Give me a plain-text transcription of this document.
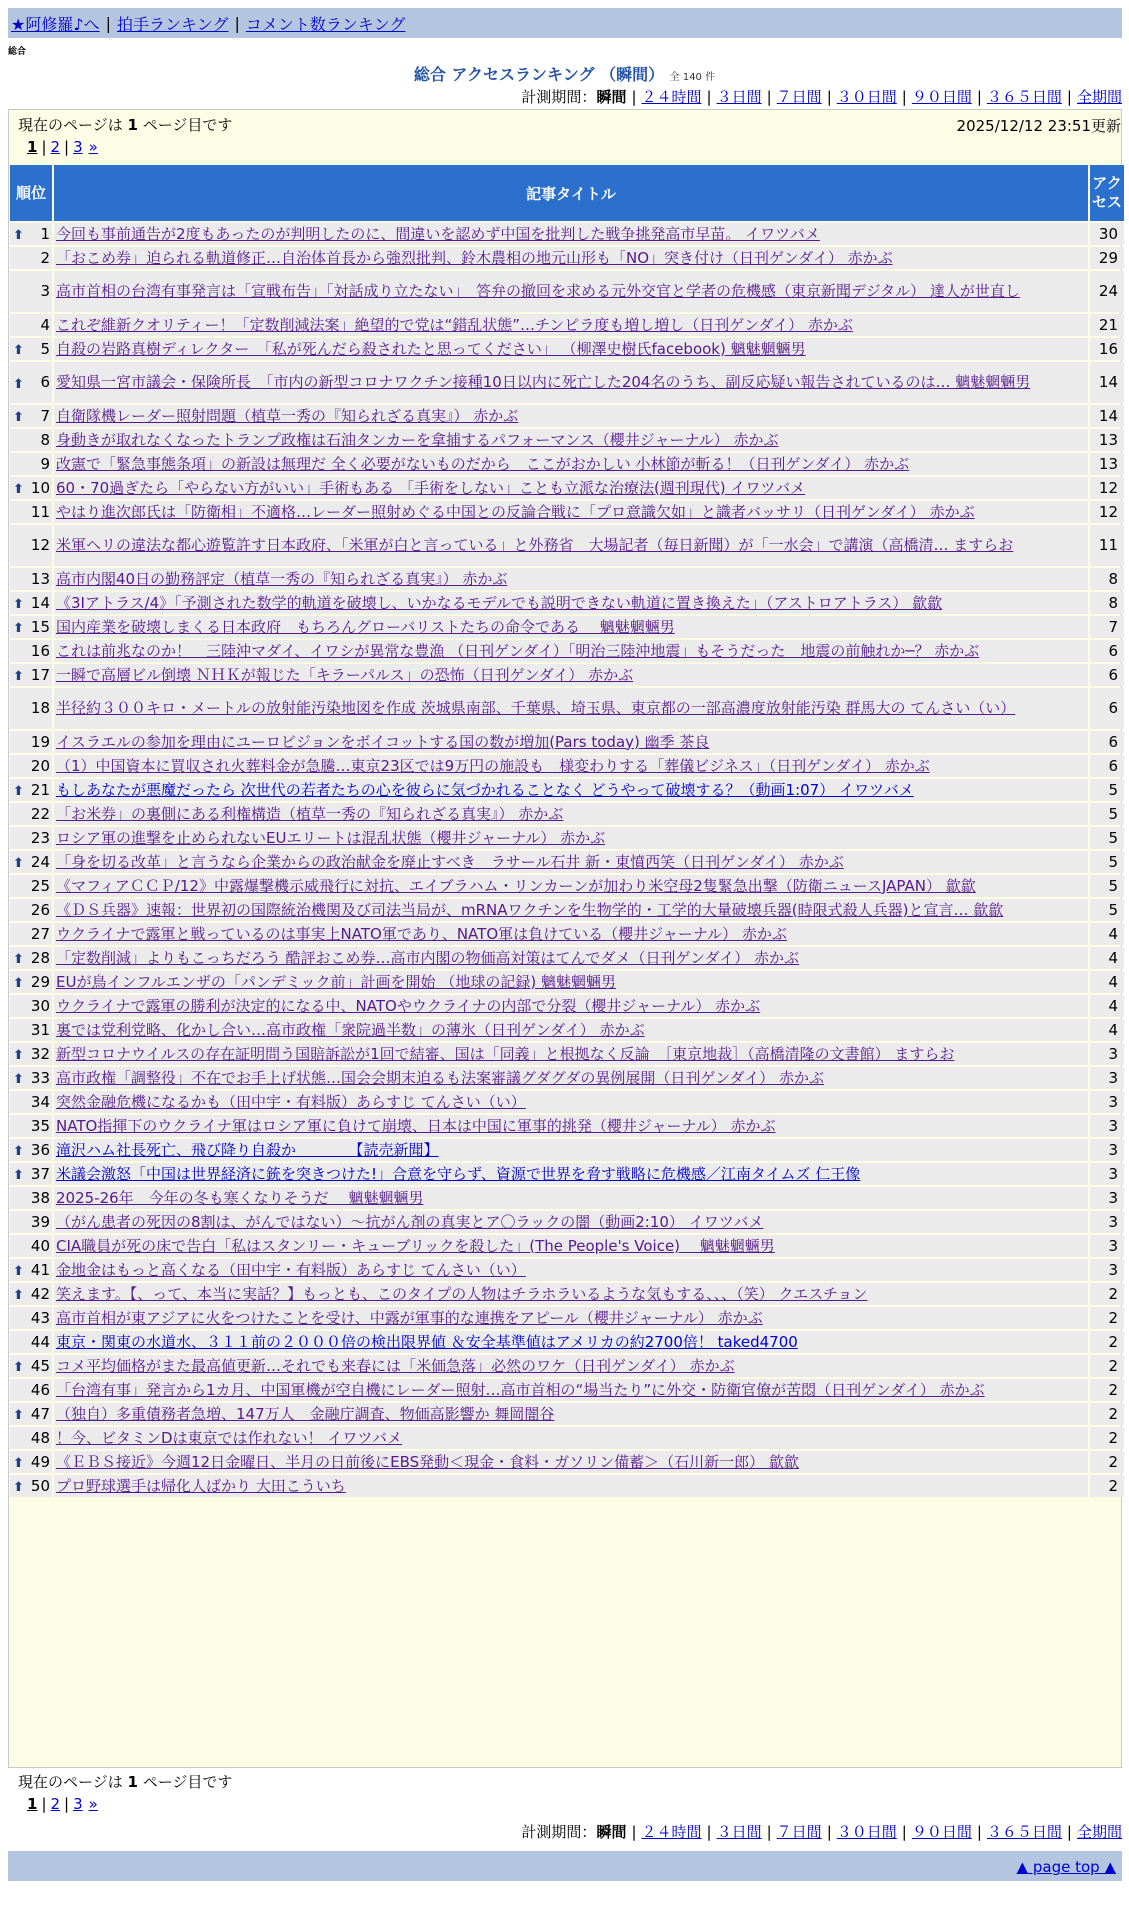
★阿修羅♪へ | 拍手ランキング | コメント数ランキング
総合
総合 アクセスランキング （瞬間） 全 140 件
計測期間：瞬間 | ２４時間 | ３日間 | ７日間 | ３０日間 | ９０日間 | ３６５日間 | 全期間
現在のページは 1 ページ目です	2025/12/12 23:51更新
1 | 2 | 3 »
順位	記事タイトル	アクセス

⬆ 1	今回も事前通告が2度もあったのが判明したのに、間違いを認めず中国を批判した戦争挑発高市早苗。 イワツバメ	30
2	「おこめ券」迫られる軌道修正…自治体首長から強烈批判、鈴木農相の地元山形も「NO」突き付け（日刊ゲンダイ） 赤かぶ	29
3	高市首相の台湾有事発言は「宣戦布告」「対話成り立たない」　答弁の撤回を求める元外交官と学者の危機感（東京新聞デジタル） 達人が世直し	24
4	これぞ維新クオリティー！「定数削減法案」絶望的で党は“錯乱状態”…チンピラ度も増し増し（日刊ゲンダイ） 赤かぶ	21

⬆ 5	自殺の岩路真樹ディレクター　「私が死んだら殺されたと思ってください」 （柳澤史樹氏facebook) 魑魅魍魎男	16

⬆ 6	愛知県一宮市議会・保険所長　「市内の新型コロナワクチン接種10日以内に死亡した204名のうち、副反応疑い報告されているのは… 魑魅魍魎男	14

⬆ 7	自衛隊機レーダー照射問題（植草一秀の『知られざる真実』） 赤かぶ	14
8	身動きが取れなくなったトランプ政権は石油タンカーを拿捕するパフォーマンス（櫻井ジャーナル） 赤かぶ	13
9	改憲で「緊急事態条項」の新設は無理だ 全く必要がないものだから　ここがおかしい 小林節が斬る！（日刊ゲンダイ） 赤かぶ	13

⬆ 10	60・70過ぎたら「やらない方がいい」手術もある 「手術をしない」ことも立派な治療法(週刊現代) イワツバメ	12
11	やはり進次郎氏は「防衛相」不適格…レーダー照射めぐる中国との反論合戦に「プロ意識欠如」と識者バッサリ（日刊ゲンダイ） 赤かぶ	12
12	米軍ヘリの違法な都心遊覧許す日本政府、「米軍が白と言っている」と外務省　大場記者（毎日新聞）が「一水会」で講演（高橋清… ますらお	11
13	高市内閣40日の勤務評定（植草一秀の『知られざる真実』） 赤かぶ	8

⬆ 14	《3Iアトラス/4》「予測された数学的軌道を破壊し、いかなるモデルでも説明できない軌道に置き換えた」（アストロアトラス） 歙歙	8

⬆ 15	国内産業を破壊しまくる日本政府　もちろんグローバリストたちの命令である　 魑魅魍魎男	7
16	これは前兆なのか！　三陸沖マダイ、イワシが異常な豊漁 （日刊ゲンダイ）「明治三陸沖地震」もそうだった　地震の前触れか─？ 赤かぶ	6

⬆ 17	一瞬で高層ビル倒壊 ＮＨＫが報じた「キラーパルス」の恐怖（日刊ゲンダイ） 赤かぶ	6
18	半径約３００キロ・メートルの放射能汚染地図を作成 茨城県南部、千葉県、埼玉県、東京都の一部高濃度放射能汚染 群馬大の てんさい（い）	6
19	イスラエルの参加を理由にユーロビジョンをボイコットする国の数が増加(Pars today) 幽季 茶良	6
20	（1）中国資本に買収され火葬料金が急騰…東京23区では9万円の施設も　様変わりする「葬儀ビジネス」（日刊ゲンダイ） 赤かぶ	6

⬆ 21	もしあなたが悪魔だったら 次世代の若者たちの心を彼らに気づかれることなく どうやって破壊する？（動画1:07） イワツバメ	5
22	「お米券」の裏側にある利権構造（植草一秀の『知られざる真実』） 赤かぶ	5
23	ロシア軍の進撃を止められないEUエリートは混乱状態（櫻井ジャーナル） 赤かぶ	5

⬆ 24	「身を切る改革」と言うなら企業からの政治献金を廃止すべき　ラサール石井 新・東憤西笑（日刊ゲンダイ） 赤かぶ	5
25	《マフィアＣＣＰ/12》中露爆撃機示威飛行に対抗、エイブラハム・リンカーンが加わり米空母2隻緊急出撃（防衛ニュースJAPAN） 歙歙	5
26	《ＤＳ兵器》速報：世界初の国際統治機関及び司法当局が、mRNAワクチンを生物学的・工学的大量破壊兵器(時限式殺人兵器)と宣言… 歙歙	5
27	ウクライナで露軍と戦っているのは事実上NATO軍であり、NATO軍は負けている（櫻井ジャーナル） 赤かぶ	4

⬆ 28	「定数削減」よりもこっちだろう 酷評おこめ券…高市内閣の物価高対策はてんでダメ（日刊ゲンダイ） 赤かぶ	4

⬆ 29	EUが鳥インフルエンザの「パンデミック前」計画を開始 （地球の記録) 魑魅魍魎男	4
30	ウクライナで露軍の勝利が決定的になる中、NATOやウクライナの内部で分裂（櫻井ジャーナル） 赤かぶ	4
31	裏では党利党略、化かし合い…高市政権「衆院過半数」の薄氷（日刊ゲンダイ） 赤かぶ	4

⬆ 32	新型コロナウイルスの存在証明問う国賠訴訟が1回で結審、国は「同義」と根拠なく反論　［東京地裁］（高橋清隆の文書館） ますらお	3

⬆ 33	高市政権「調整役」不在でお手上げ状態…国会会期末迫るも法案審議グダグダの異例展開（日刊ゲンダイ） 赤かぶ	3
34	突然金融危機になるかも（田中宇・有料版）あらすじ てんさい（い）	3
35	NATO指揮下のウクライナ軍はロシア軍に負けて崩壊、日本は中国に軍事的挑発（櫻井ジャーナル） 赤かぶ	3

⬆ 36	滝沢ハム社長死亡、飛び降り自殺か　　　　【読売新聞】	3

⬆ 37	米議会激怒「中国は世界経済に銃を突きつけた!」合意を守らず、資源で世界を脅す戦略に危機感／江南タイムズ 仁王像	3
38	2025-26年　今年の冬も寒くなりそうだ　 魑魅魍魎男	3
39	（がん患者の死因の8割は、がんではない）～抗がん剤の真実とア〇ラックの闇（動画2:10） イワツバメ	3
40	CIA職員が死の床で告白「私はスタンリー・キューブリックを殺した」(The People's Voice)　 魑魅魍魎男	3

⬆ 41	金地金はもっと高くなる（田中宇・有料版）あらすじ てんさい（い）	3

⬆ 42	笑えます。【、って、本当に実話？】もっとも、このタイプの人物はチラホラいるような気もする、、、（笑） クエスチョン	2
43	高市首相が東アジアに火をつけたことを受け、中露が軍事的な連携をアピール（櫻井ジャーナル） 赤かぶ	2
44	東京・関東の水道水、３１１前の２０００倍の検出限界値 ＆安全基準値はアメリカの約2700倍！ taked4700	2

⬆ 45	コメ平均価格がまた最高値更新…それでも来春には「米価急落」必然のワケ（日刊ゲンダイ） 赤かぶ	2
46	「台湾有事」発言から1カ月、中国軍機が空自機にレーダー照射…高市首相の“場当たり”に外交・防衛官僚が苦悶（日刊ゲンダイ） 赤かぶ	2

⬆ 47	（独自）多重債務者急増、147万人　金融庁調査、物価高影響か 舞岡闇谷	2
48	！今、ビタミンDは東京では作れない！ イワツバメ	2

⬆ 49	《ＥＢＳ接近》今週12日金曜日、半月の日前後にEBS発動＜現金・食料・ガソリン備蓄＞（石川新一郎） 歙歙	2

⬆ 50	プロ野球選手は帰化人ばかり 大田こういち	2
現在のページは 1 ページ目です
1 | 2 | 3 »
計測期間：瞬間 | ２４時間 | ３日間 | ７日間 | ３０日間 | ９０日間 | ３６５日間 | 全期間
▲ page top ▲
